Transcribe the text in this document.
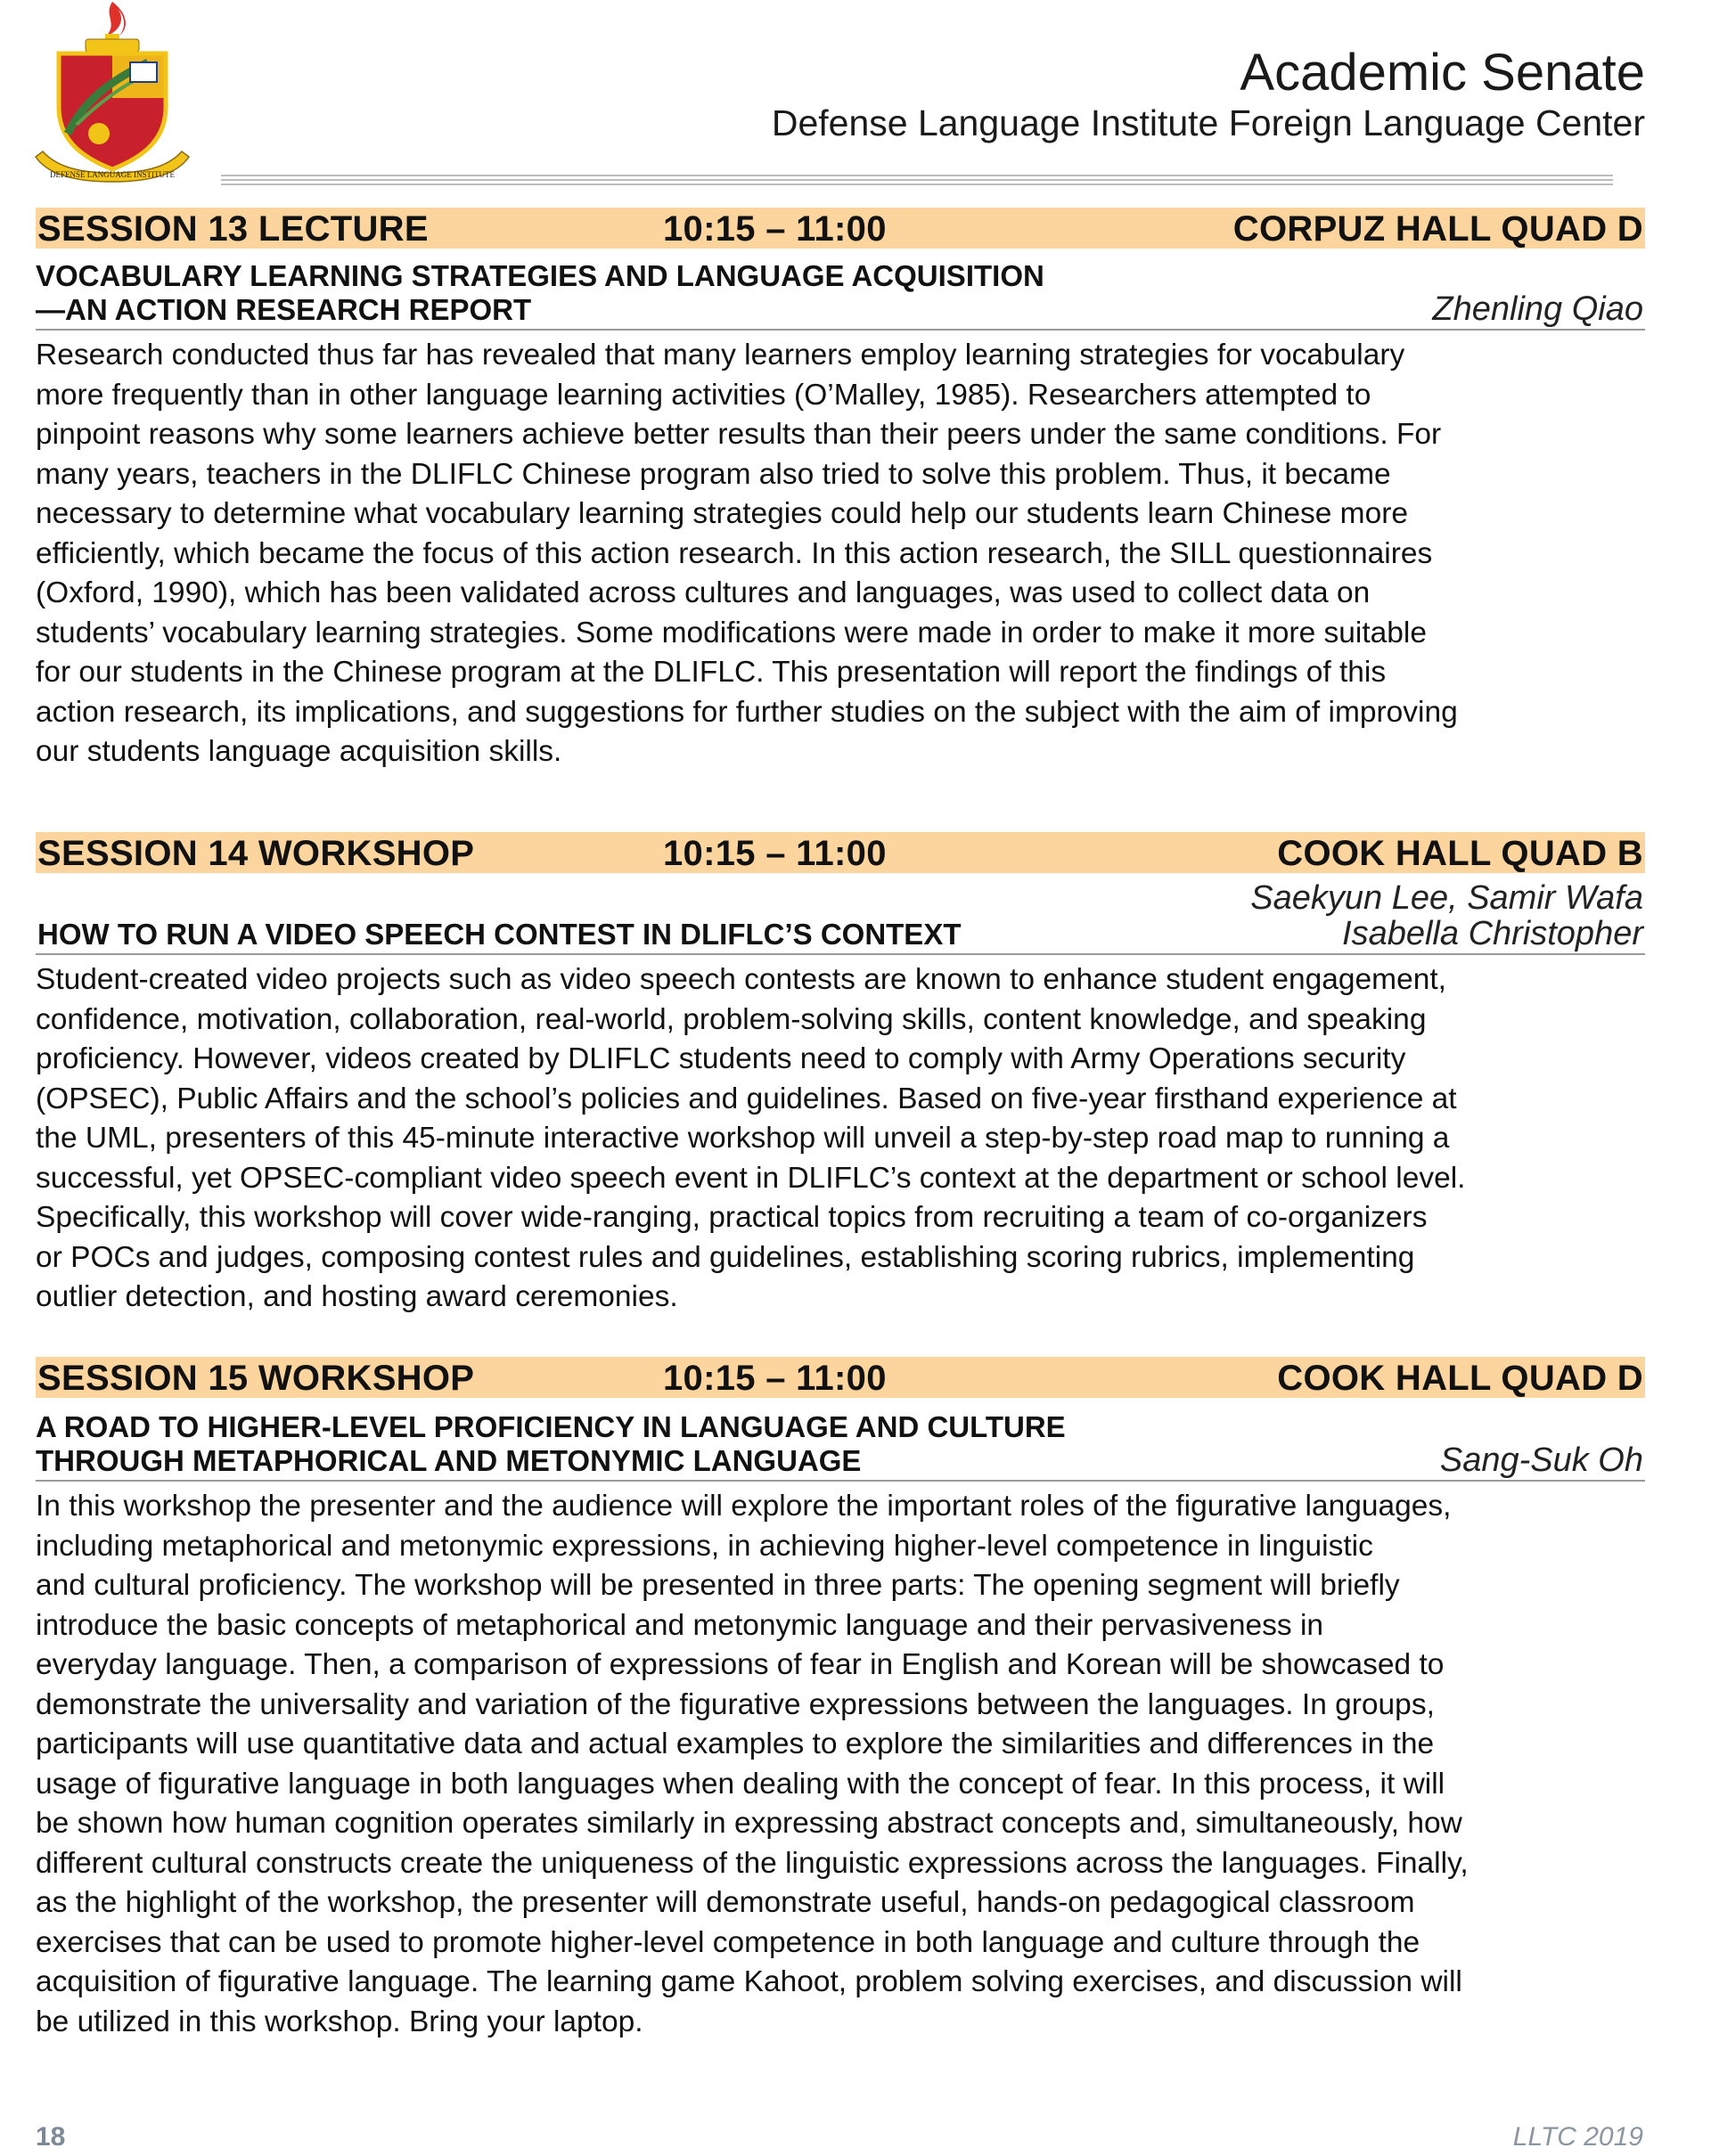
DEFENSE LANGUAGE INSTITUTE
Academic Senate
Defense Language Institute Foreign Language Center
SESSION 13 LECTURE	10:15 – 11:00	CORPUZ HALL QUAD D
VOCABULARY LEARNING STRATEGIES AND LANGUAGE ACQUISITION
—AN ACTION RESEARCH REPORT	Zhenling Qiao
Research conducted thus far has revealed that many learners employ learning strategies for vocabulary
more frequently than in other language learning activities (O’Malley, 1985). Researchers attempted to
pinpoint reasons why some learners achieve better results than their peers under the same conditions. For
many years, teachers in the DLIFLC Chinese program also tried to solve this problem. Thus, it became
necessary to determine what vocabulary learning strategies could help our students learn Chinese more
efficiently, which became the focus of this action research. In this action research, the SILL questionnaires
(Oxford, 1990), which has been validated across cultures and languages, was used to collect data on
students’ vocabulary learning strategies. Some modifications were made in order to make it more suitable
for our students in the Chinese program at the DLIFLC. This presentation will report the findings of this
action research, its implications, and suggestions for further studies on the subject with the aim of improving
our students language acquisition skills.
SESSION 14 WORKSHOP	10:15 – 11:00	COOK HALL QUAD B
Saekyun Lee, Samir Wafa
Isabella Christopher
HOW TO RUN A VIDEO SPEECH CONTEST IN DLIFLC’S CONTEXT
Student-created video projects such as video speech contests are known to enhance student engagement,
confidence, motivation, collaboration, real-world, problem-solving skills, content knowledge, and speaking
proficiency. However, videos created by DLIFLC students need to comply with Army Operations security
(OPSEC), Public Affairs and the school’s policies and guidelines. Based on five-year firsthand experience at
the UML, presenters of this 45-minute interactive workshop will unveil a step-by-step road map to running a
successful, yet OPSEC-compliant video speech event in DLIFLC’s context at the department or school level.
Specifically, this workshop will cover wide-ranging, practical topics from recruiting a team of co-organizers
or POCs and judges, composing contest rules and guidelines, establishing scoring rubrics, implementing
outlier detection, and hosting award ceremonies.
SESSION 15 WORKSHOP	10:15 – 11:00	COOK HALL QUAD D
A ROAD TO HIGHER-LEVEL PROFICIENCY IN LANGUAGE AND CULTURE
THROUGH METAPHORICAL AND METONYMIC LANGUAGE	Sang-Suk Oh
In this workshop the presenter and the audience will explore the important roles of the figurative languages,
including metaphorical and metonymic expressions, in achieving higher-level competence in linguistic
and cultural proficiency. The workshop will be presented in three parts: The opening segment will briefly
introduce the basic concepts of metaphorical and metonymic language and their pervasiveness in
everyday language. Then, a comparison of expressions of fear in English and Korean will be showcased to
demonstrate the universality and variation of the figurative expressions between the languages. In groups,
participants will use quantitative data and actual examples to explore the similarities and differences in the
usage of figurative language in both languages when dealing with the concept of fear. In this process, it will
be shown how human cognition operates similarly in expressing abstract concepts and, simultaneously, how
different cultural constructs create the uniqueness of the linguistic expressions across the languages. Finally,
as the highlight of the workshop, the presenter will demonstrate useful, hands-on pedagogical classroom
exercises that can be used to promote higher-level competence in both language and culture through the
acquisition of figurative language. The learning game Kahoot, problem solving exercises, and discussion will
be utilized in this workshop. Bring your laptop.
18	LLTC 2019
